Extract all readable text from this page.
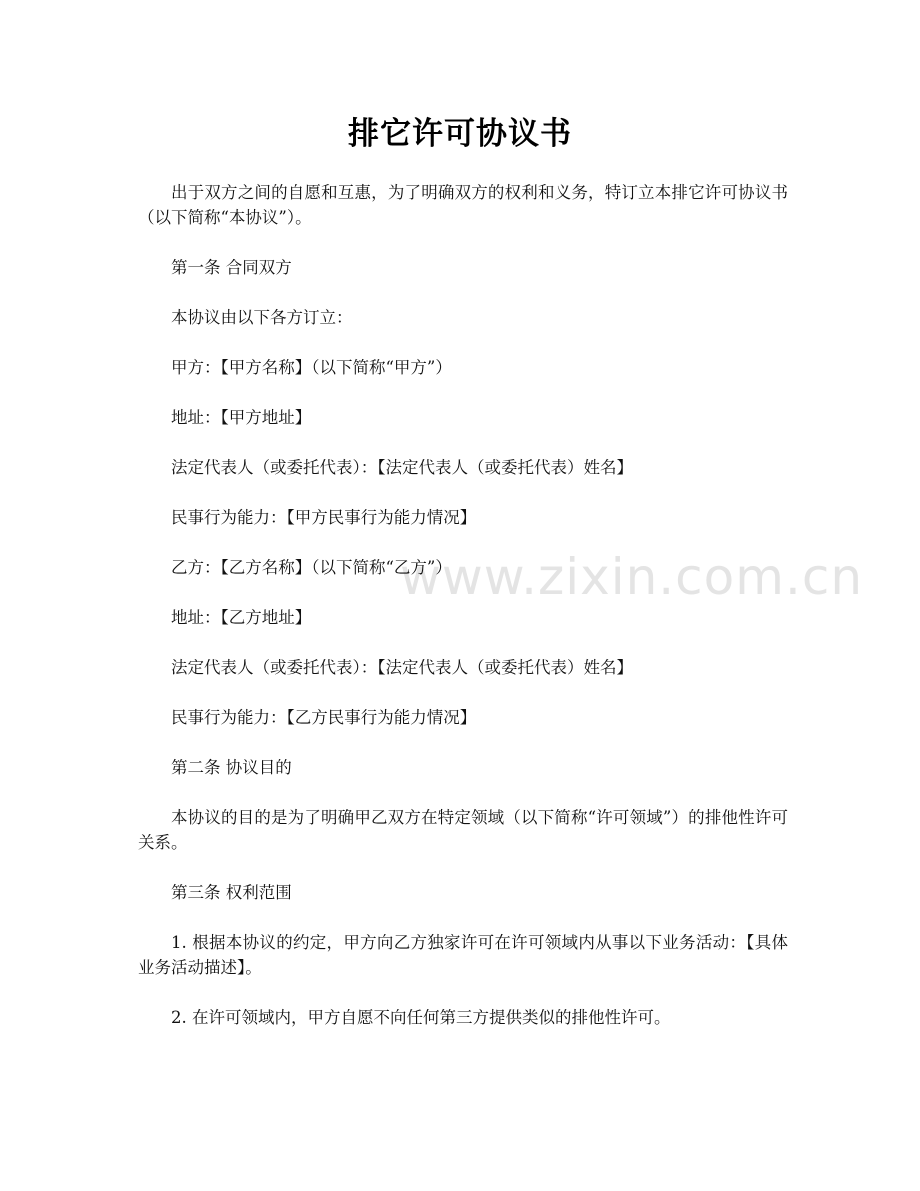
www.zixin.com.cn
排它许可协议书

出于双方之间的自愿和互惠，为了明确双方的权利和义务，特订立本排它许可协议书（以下简称“本协议”）。

第一条 合同双方

本协议由以下各方订立：

甲方：【甲方名称】（以下简称“甲方”）

地址：【甲方地址】

法定代表人（或委托代表）：【法定代表人（或委托代表）姓名】

民事行为能力：【甲方民事行为能力情况】

乙方：【乙方名称】（以下简称“乙方”）

地址：【乙方地址】

法定代表人（或委托代表）：【法定代表人（或委托代表）姓名】

民事行为能力：【乙方民事行为能力情况】

第二条 协议目的

本协议的目的是为了明确甲乙双方在特定领域（以下简称“许可领域”）的排他性许可关系。

第三条 权利范围

1. 根据本协议的约定，甲方向乙方独家许可在许可领域内从事以下业务活动：【具体业务活动描述】。

2. 在许可领域内，甲方自愿不向任何第三方提供类似的排他性许可。
